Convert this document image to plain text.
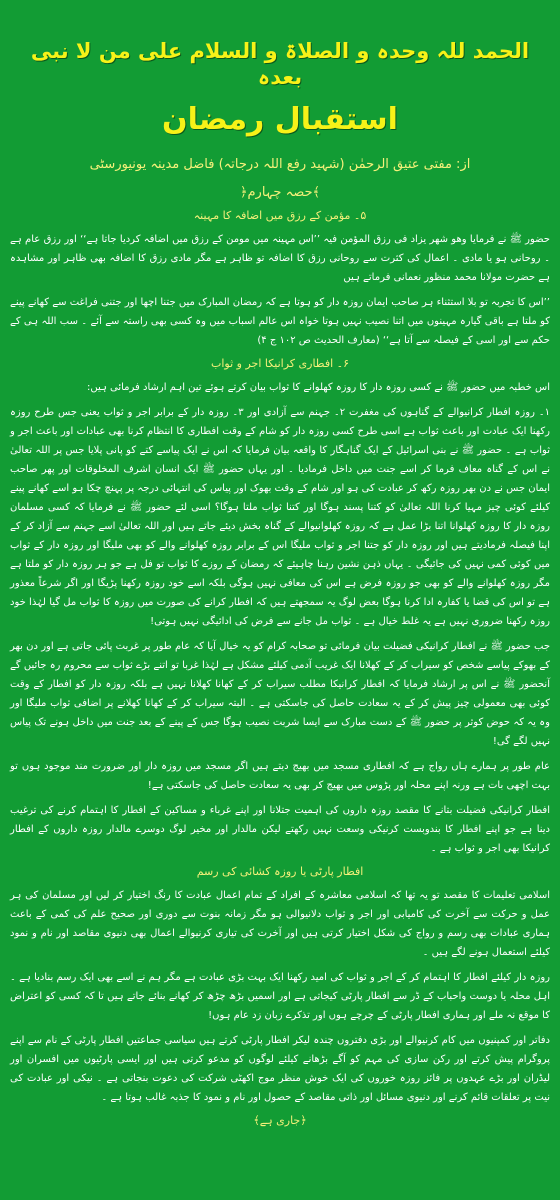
الحمد للہ وحدہ و الصلاۃ و السلام علی من لا نبی بعدہ
استقبال رمضان
از: مفتی عتیق الرحمٰن (شہید رفع اللہ درجاتہ) فاضل مدینہ یونیورسٹی
﴿حصہ چہارم﴾
۵۔ مؤمن کے رزق میں اضافہ کا مہینہ
حضور ﷺ نے فرمایا وھو شھر یزاد فی رزق المؤمن فیہ ’’اس مہینہ میں مومن کے رزق میں اضافہ کردیا جاتا ہے‘‘ اور رزق عام ہے ۔ روحانی ہو یا مادی ۔ اعمال کی کثرت سے روحانی رزق کا اضافہ تو ظاہر ہے مگر مادی رزق کا اضافہ بھی ظاہر اور مشاہدہ ہے حضرت مولانا محمد منظور نعمانی فرماتے ہیں
’’اس کا تجربہ تو بلا استثناء ہر صاحب ایمان روزہ دار کو ہوتا ہے کہ رمضان المبارک میں جتنا اچھا اور جتنی فراغت سے کھانے پینے کو ملتا ہے باقی گیارہ مہینوں میں اتنا نصیب نہیں ہوتا خواہ اس عالم اسباب میں وہ کسی بھی راستہ سے آئے ۔ سب اللہ ہی کے حکم سے اور اسی کے فیصلہ سے آتا ہے‘‘ (معارف الحدیث ص ۱۰۲ ج ۴)
۶۔ افطاری کرانیکا اجر و ثواب
اس خطبہ میں حضور ﷺ نے کسی روزہ دار کا روزہ کھلوانے کا ثواب بیان کرتے ہوئے تین اہم ارشاد فرمائی ہیں:
۱۔ روزہ افطار کرانیوالے کے گناہوں کی مغفرت ۲۔ جہنم سے آزادی اور ۳۔ روزہ دار کے برابر اجر و ثواب یعنی جس طرح روزہ رکھنا ایک عبادت اور باعث ثواب ہے اسی طرح کسی روزہ دار کو شام کے وقت افطاری کا انتظام کرنا بھی عبادات اور باعث اجر و ثواب ہے ۔ حضور ﷺ نے بنی اسرائیل کے ایک گناہگار کا واقعہ بیان فرمایا کہ اس نے ایک پیاسے کتے کو پانی پلایا جس پر اللہ تعالیٰ نے اس کے گناہ معاف فرما کر اسے جنت میں داخل فرمادیا ۔ اور یہاں حضور ﷺ ایک انسان اشرف المخلوقات اور پھر صاحب ایمان جس نے دن بھر روزہ رکھ کر عبادت کی ہو اور شام کے وقت بھوک اور پیاس کی انتہائی درجہ پر پہنچ چکا ہو اسے کھانے پینے کیلئے کوئی چیز مہیا کرنا اللہ تعالیٰ کو کتنا پسند ہوگا اور کتنا ثواب ملتا ہوگا؟ اسی لئے حضور ﷺ نے فرمایا کہ کسی مسلمان روزہ دار کا روزہ کھلوانا اتنا بڑا عمل ہے کہ روزہ کھلوانیوالے کے گناہ بخش دیئے جاتے ہیں اور اللہ تعالیٰ اسے جہنم سے آزاد کر کے اپنا فیصلہ فرمادیتے ہیں اور روزہ دار کو جتنا اجر و ثواب ملیگا اس کے برابر روزہ کھلوانے والے کو بھی ملیگا اور روزہ دار کے ثواب میں کوئی کمی نہیں کی جائیگی ۔ یہاں ذہن نشین رہنا چاہیئے کہ رمضان کے روزے کا ثواب تو فل ہے جو ہر روزہ دار کو ملتا ہے مگر روزہ کھلوانے والے کو بھی جو روزہ فرض ہے اس کی معافی نہیں ہوگی بلکہ اسے خود روزہ رکھنا پڑیگا اور اگر شرعاً معذور ہے تو اس کی قضا یا کفارہ ادا کرنا ہوگا بعض لوگ یہ سمجھتے ہیں کہ افطار کرانے کی صورت میں روزہ کا ثواب مل گیا لہٰذا خود روزہ رکھنا ضروری نہیں ہے یہ غلط خیال ہے ۔ ثواب مل جانے سے فرض کی ادائیگی نہیں ہوتی!
جب حضور ﷺ نے افطار کرانیکی فضیلت بیان فرمائی تو صحابہ کرام کو یہ خیال آیا کہ عام طور پر غربت پائی جاتی ہے اور دن بھر کے بھوکے پیاسے شخص کو سیراب کر کے کھلانا ایک غریب آدمی کیلئے مشکل ہے لہٰذا غربا تو اتنے بڑے ثواب سے محروم رہ جائیں گے آنحضور ﷺ نے اس پر ارشاد فرمایا کہ افطار کرانیکا مطلب سیراب کر کے کھانا کھلانا نہیں ہے بلکہ روزہ دار کو افطار کے وقت کوئی بھی معمولی چیز پیش کر کے یہ سعادت حاصل کی جاسکتی ہے ۔ البتہ سیراب کر کے کھانا کھلانے پر اضافی ثواب ملیگا اور وہ یہ کہ حوض کوثر پر حضور ﷺ کے دست مبارک سے ایسا شربت نصیب ہوگا جس کے پینے کے بعد جنت میں داخل ہونے تک پیاس نہیں لگے گی!
عام طور پر ہمارے ہاں رواج ہے کہ افطاری مسجد میں بھیج دیتے ہیں اگر مسجد میں روزہ دار اور ضرورت مند موجود ہوں تو بہت اچھی بات ہے ورنہ اپنے محلہ اور پڑوس میں بھیج کر بھی یہ سعادت حاصل کی جاسکتی ہے!
افطار کرانیکی فضیلت بتانے کا مقصد روزہ داروں کی اہمیت جتلانا اور اپنے غرباء و مساکین کے افطار کا اہتمام کرنے کی ترغیب دینا ہے جو اپنے افطار کا بندوبست کرنیکی وسعت نہیں رکھتے لیکن مالدار اور مخیر لوگ دوسرے مالدار روزہ داروں کے افطار کرانیکا بھی اجر و ثواب ہے ۔
افطار پارٹی یا روزہ کشائی کی رسم
اسلامی تعلیمات کا مقصد تو یہ تھا کہ اسلامی معاشرہ کے افراد کے تمام اعمال عبادت کا رنگ اختیار کر لیں اور مسلمان کی ہر عمل و حرکت سے آخرت کی کامیابی اور اجر و ثواب دلانیوالی ہو مگر زمانہ بنوت سے دوری اور صحیح علم کی کمی کے باعث ہماری عبادات بھی رسم و رواج کی شکل اختیار کرتی ہیں اور آخرت کی تیاری کرنیوالے اعمال بھی دنیوی مقاصد اور نام و نمود کیلئے استعمال ہونے لگے ہیں ۔
روزہ دار کیلئے افطار کا اہتمام کر کے اجر و ثواب کی امید رکھنا ایک بہت بڑی عبادت ہے مگر ہم نے اسے بھی ایک رسم بنادیا ہے ۔ اہل محلہ یا دوست واحباب کے ڈر سے افطار پارٹی کیجاتی ہے اور اسمیں بڑھ چڑھ کر کھانے بنائے جاتے ہیں تا کہ کسی کو اعتراض کا موقع نہ ملے اور ہماری افطار پارٹی کے چرچے ہوں اور تذکرے زبان زد عام ہوں!
دفاتر اور کمپنیوں میں کام کرنیوالے اور بڑی دفتروں چندہ لیکر افطار پارٹی کرتے ہیں سیاسی جماعتیں افطار پارٹی کے نام سے اپنے پروگرام پیش کرتے اور رکن سازی کی مہم کو آگے بڑھانے کیلئے لوگوں کو مدعو کرتی ہیں اور ایسی پارٹیوں میں افسران اور لیڈران اور بڑے عہدوں پر فائز روزہ خوروں کی ایک خوش منظر موج اکھٹی شرکت کی دعوت بنجاتی ہے ۔ نیکی اور عبادت کی نیت پر تعلقات قائم کرنے اور دنیوی مسائل اور ذاتی مقاصد کے حصول اور نام و نمود کا جذبہ غالب ہوتا ہے ۔
﴿جاری ہے﴾
